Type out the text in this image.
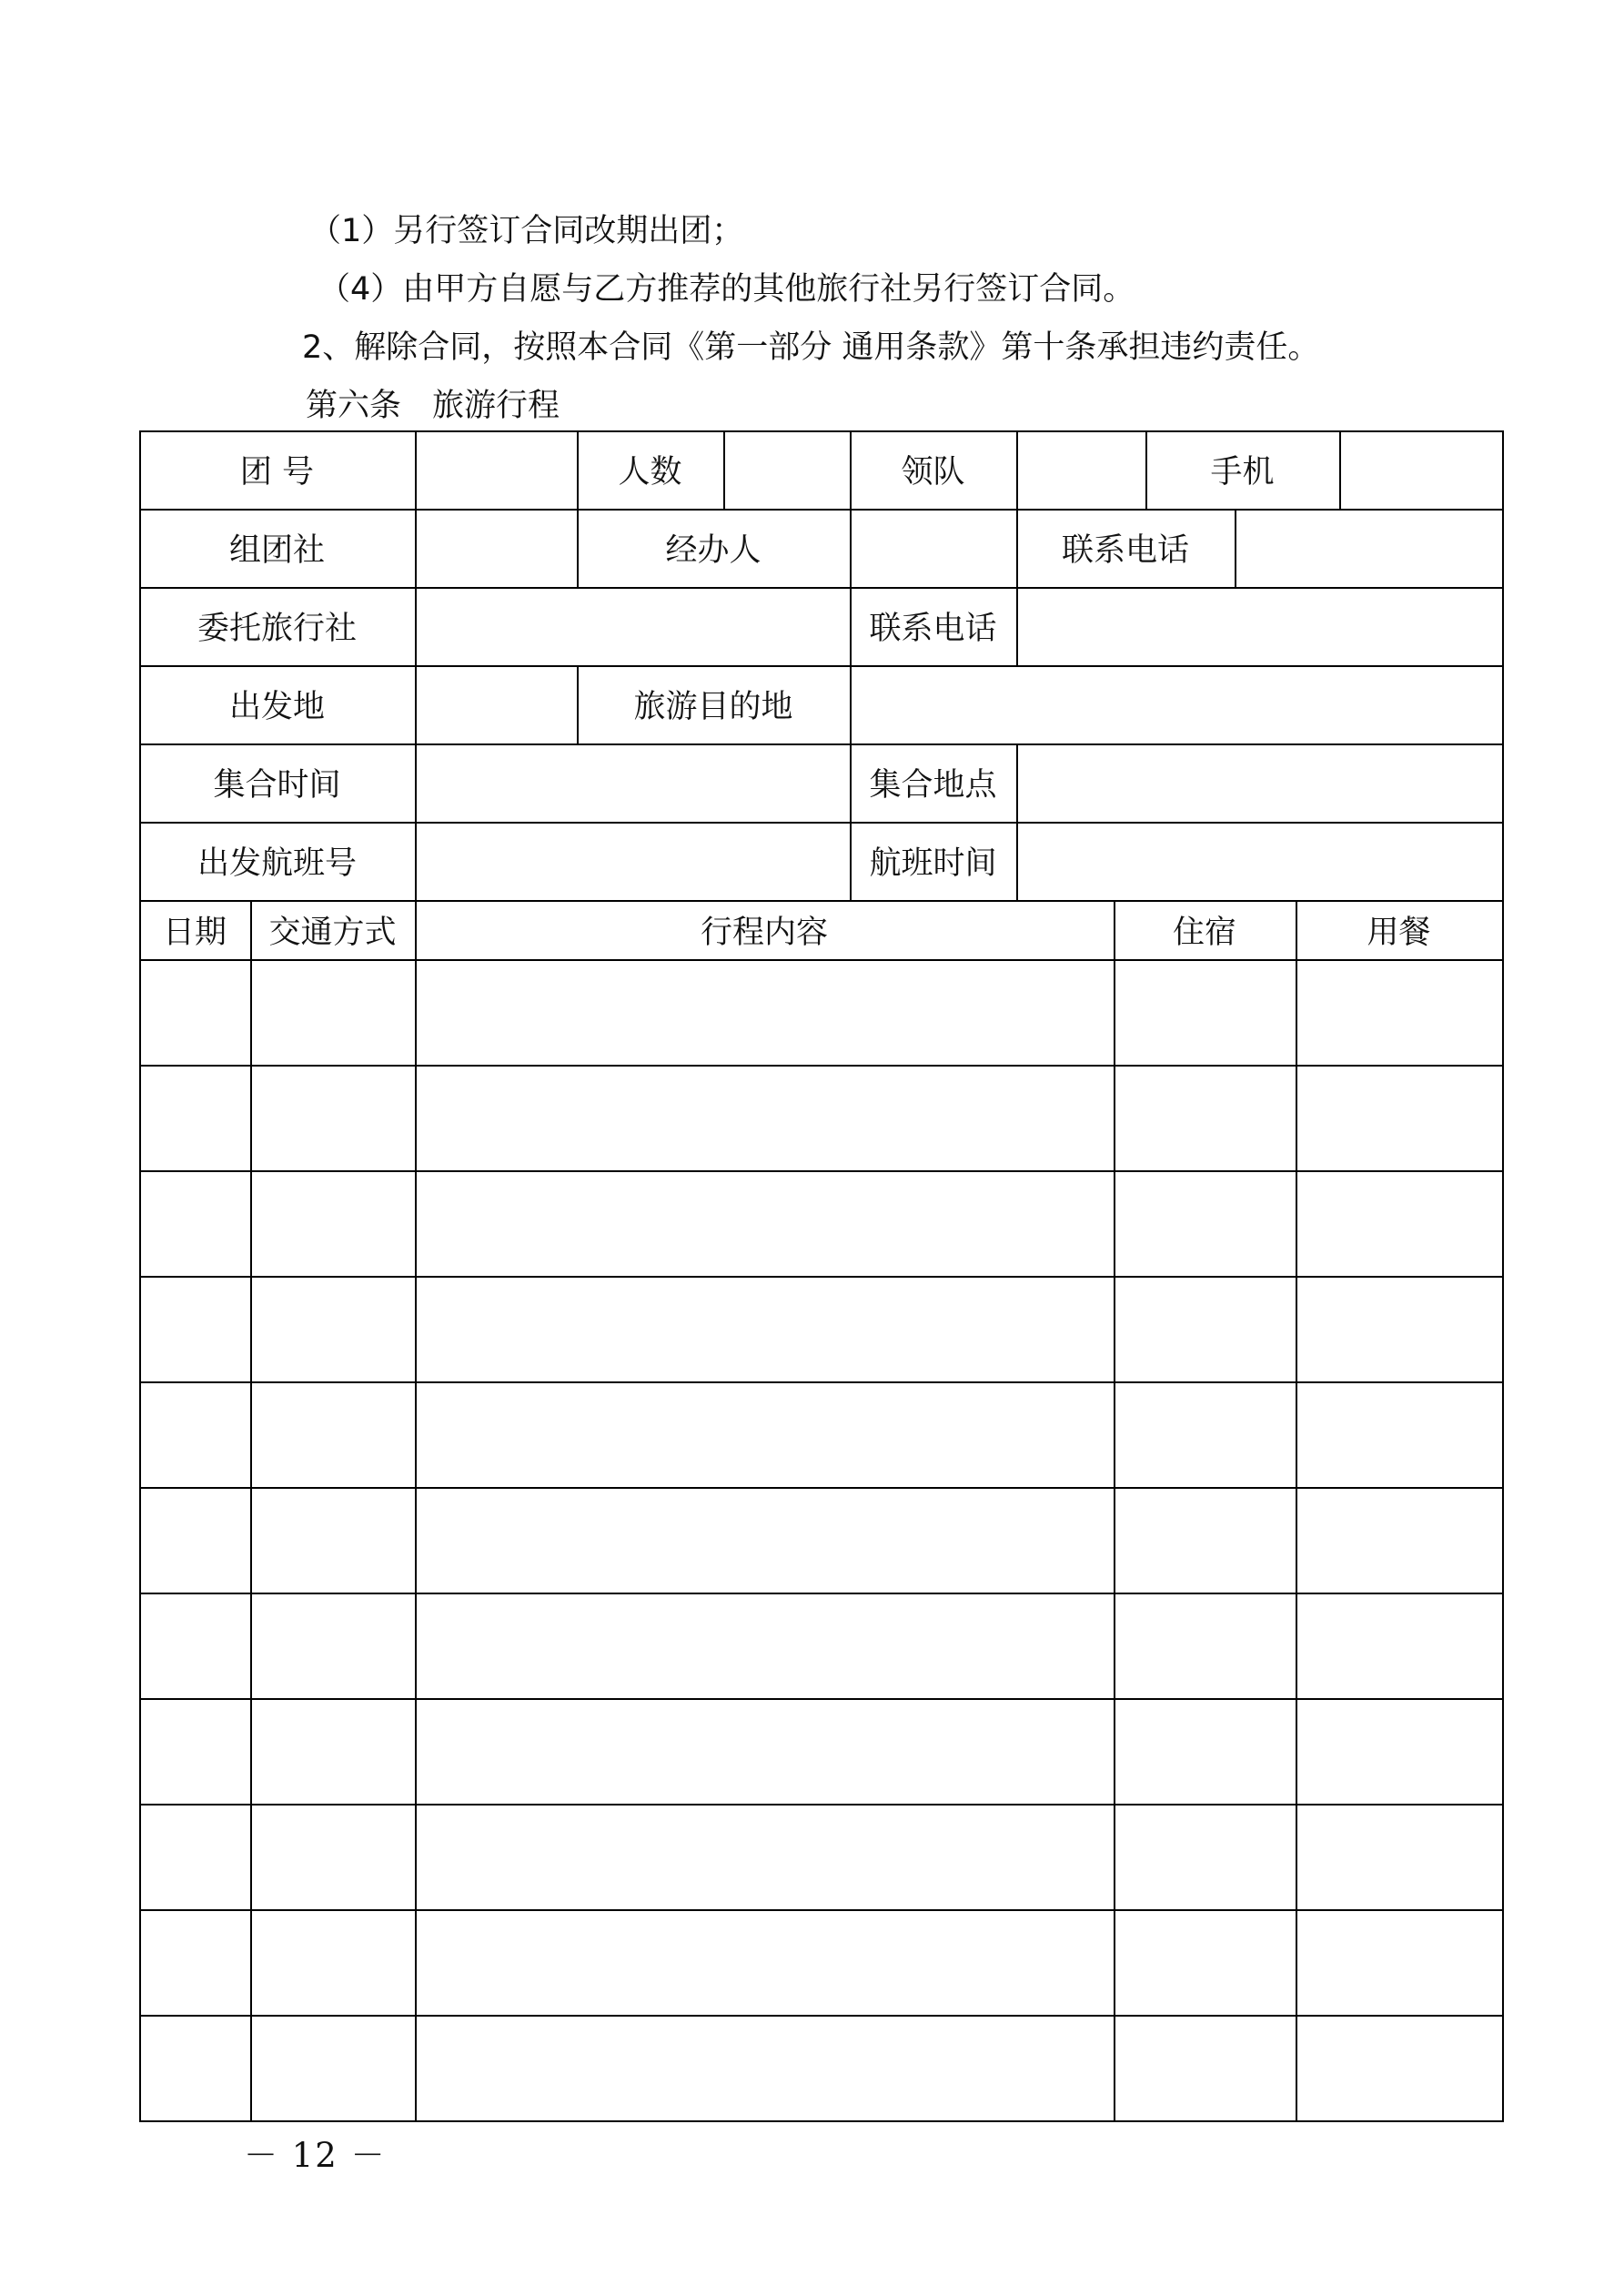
（1）另行签订合同改期出团；
（4）由甲方自愿与乙方推荐的其他旅行社另行签订合同。
2、解除合同，按照本合同《第一部分 通用条款》第十条承担违约责任。
第六条 旅游行程
团 号	人数	领队	手机
组团社	经办人	联系电话
委托旅行社	联系电话
出发地	旅游目的地
集合时间	集合地点
出发航班号	航班时间
日期	交通方式	行程内容	住宿	用餐
－ 12 －
